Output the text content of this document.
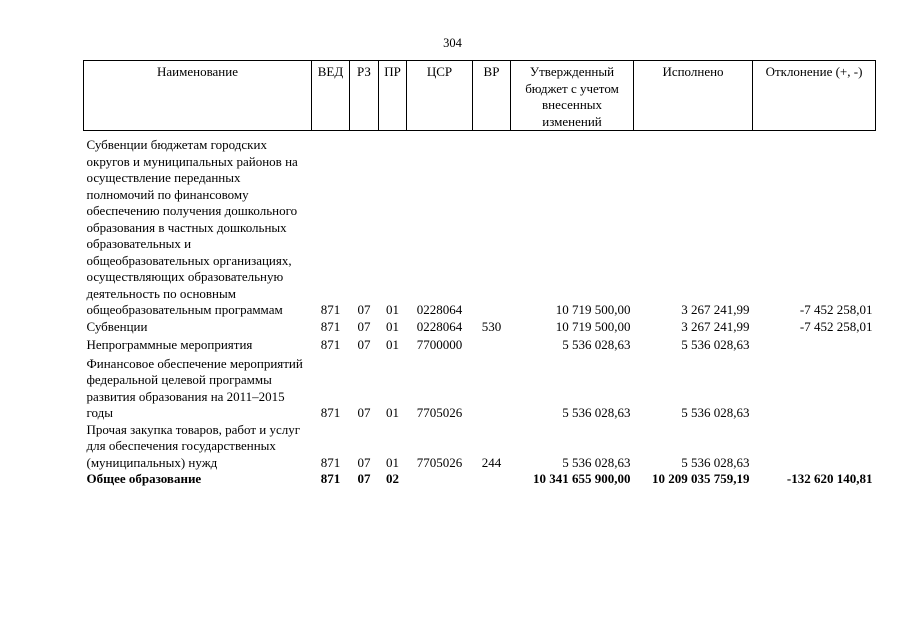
304
Наименование	ВЕД	РЗ	ПР	ЦСР	ВР	Утвержденный бюджет с учетом внесенных изменений	Исполнено	Отклонение (+, -)
Субвенции бюджетам городских округов и муниципальных районов на осуществление переданных полномочий по финансовому обеспечению получения дошкольного образования в частных дошкольных образовательных и общеобразовательных организациях, осуществляющих образовательную деятельность по основным общеобразовательным программам	871	07	01	0228064		10 719 500,00	3 267 241,99	-7 452 258,01
Субвенции	871	07	01	0228064	530	10 719 500,00	3 267 241,99	-7 452 258,01
Непрограммные мероприятия	871	07	01	7700000		5 536 028,63	5 536 028,63	
Финансовое обеспечение мероприятий федеральной целевой программы развития образования на 2011–2015 годы	871	07	01	7705026		5 536 028,63	5 536 028,63	
Прочая закупка товаров, работ и услуг для обеспечения государственных (муниципальных) нужд	871	07	01	7705026	244	5 536 028,63	5 536 028,63	
Общее образование	871	07	02			10 341 655 900,00	10 209 035 759,19	-132 620 140,81
